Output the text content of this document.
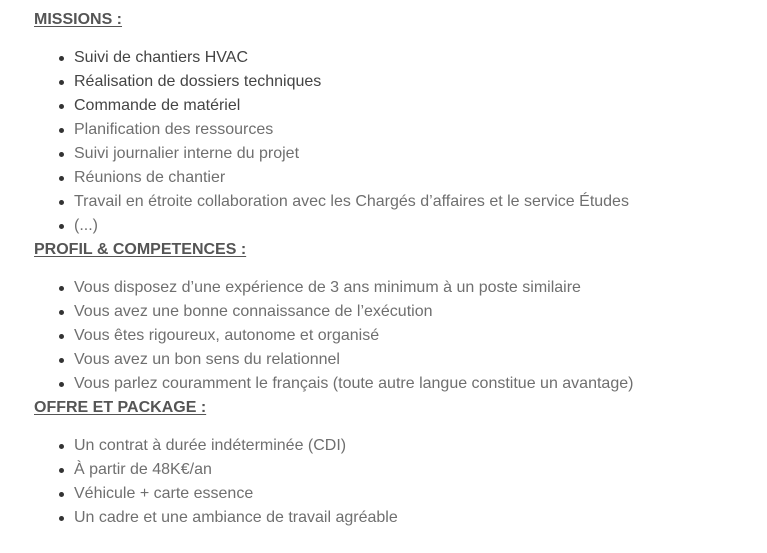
MISSIONS :

Suivi de chantiers HVAC
Réalisation de dossiers techniques
Commande de matériel
Planification des ressources
Suivi journalier interne du projet
Réunions de chantier
Travail en étroite collaboration avec les Chargés d’affaires et le service Études
(...)

PROFIL & COMPETENCES :

Vous disposez d’une expérience de 3 ans minimum à un poste similaire
Vous avez une bonne connaissance de l’exécution
Vous êtes rigoureux, autonome et organisé
Vous avez un bon sens du relationnel
Vous parlez couramment le français (toute autre langue constitue un avantage)

OFFRE ET PACKAGE :

Un contrat à durée indéterminée (CDI)
À partir de 48K€/an
Véhicule + carte essence
Un cadre et une ambiance de travail agréable
